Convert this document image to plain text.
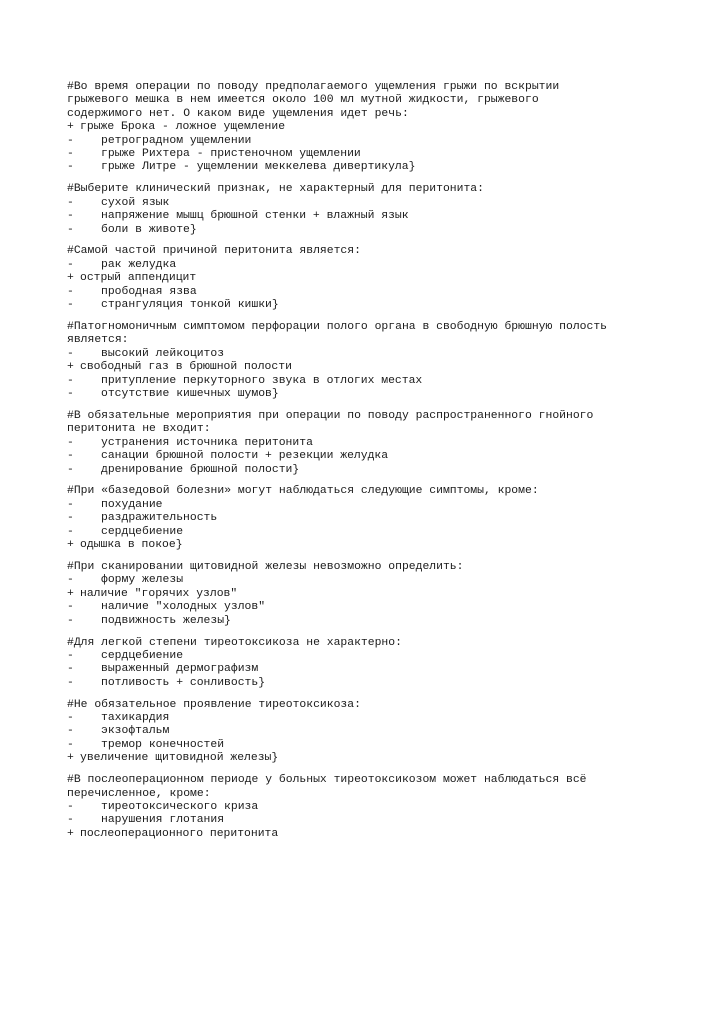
#Во время операции по поводу предполагаемого ущемления грыжи по вскрытии
грыжевого мешка в нем имеется около 100 мл мутной жидкости, грыжевого
содержимого нет. О каком виде ущемления идет речь:
+ грыже Брока - ложное ущемление
-	ретроградном ущемлении
-	грыже Рихтера - пристеночном ущемлении
-	грыже Литре - ущемлении меккелева дивертикула}
#Выберите клинический признак, не характерный для перитонита:
-	сухой язык
-	напряжение мышц брюшной стенки + влажный язык
-	боли в животе}
#Самой частой причиной перитонита является:
-	рак желудка
+ острый аппендицит
-	прободная язва
-	странгуляция тонкой кишки}
#Патогномоничным симптомом перфорации полого органа в свободную брюшную полость
является:
-	высокий лейкоцитоз
+ свободный газ в брюшной полости
-	притупление перкуторного звука в отлогих местах
-	отсутствие кишечных шумов}
#В обязательные мероприятия при операции по поводу распространенного гнойного
перитонита не входит:
-	устранения источника перитонита
-	санации брюшной полости + резекции желудка
-	дренирование брюшной полости}
#При «базедовой болезни» могут наблюдаться следующие симптомы, кроме:
-	похудание
-	раздражительность
-	сердцебиение
+ одышка в покое}
#При сканировании щитовидной железы невозможно определить:
-	форму железы
+ наличие "горячих узлов"
-	наличие "холодных узлов"
-	подвижность железы}
#Для легкой степени тиреотоксикоза не характерно:
-	сердцебиение
-	выраженный дермографизм
-	потливость + сонливость}
#Не обязательное проявление тиреотоксикоза:
-	тахикардия
-	экзофтальм
-	тремор конечностей
+ увеличение щитовидной железы}
#В послеоперационном периоде у больных тиреотоксикозом может наблюдаться всё
перечисленное, кроме:
-	тиреотоксического криза
-	нарушения глотания
+ послеоперационного перитонита
